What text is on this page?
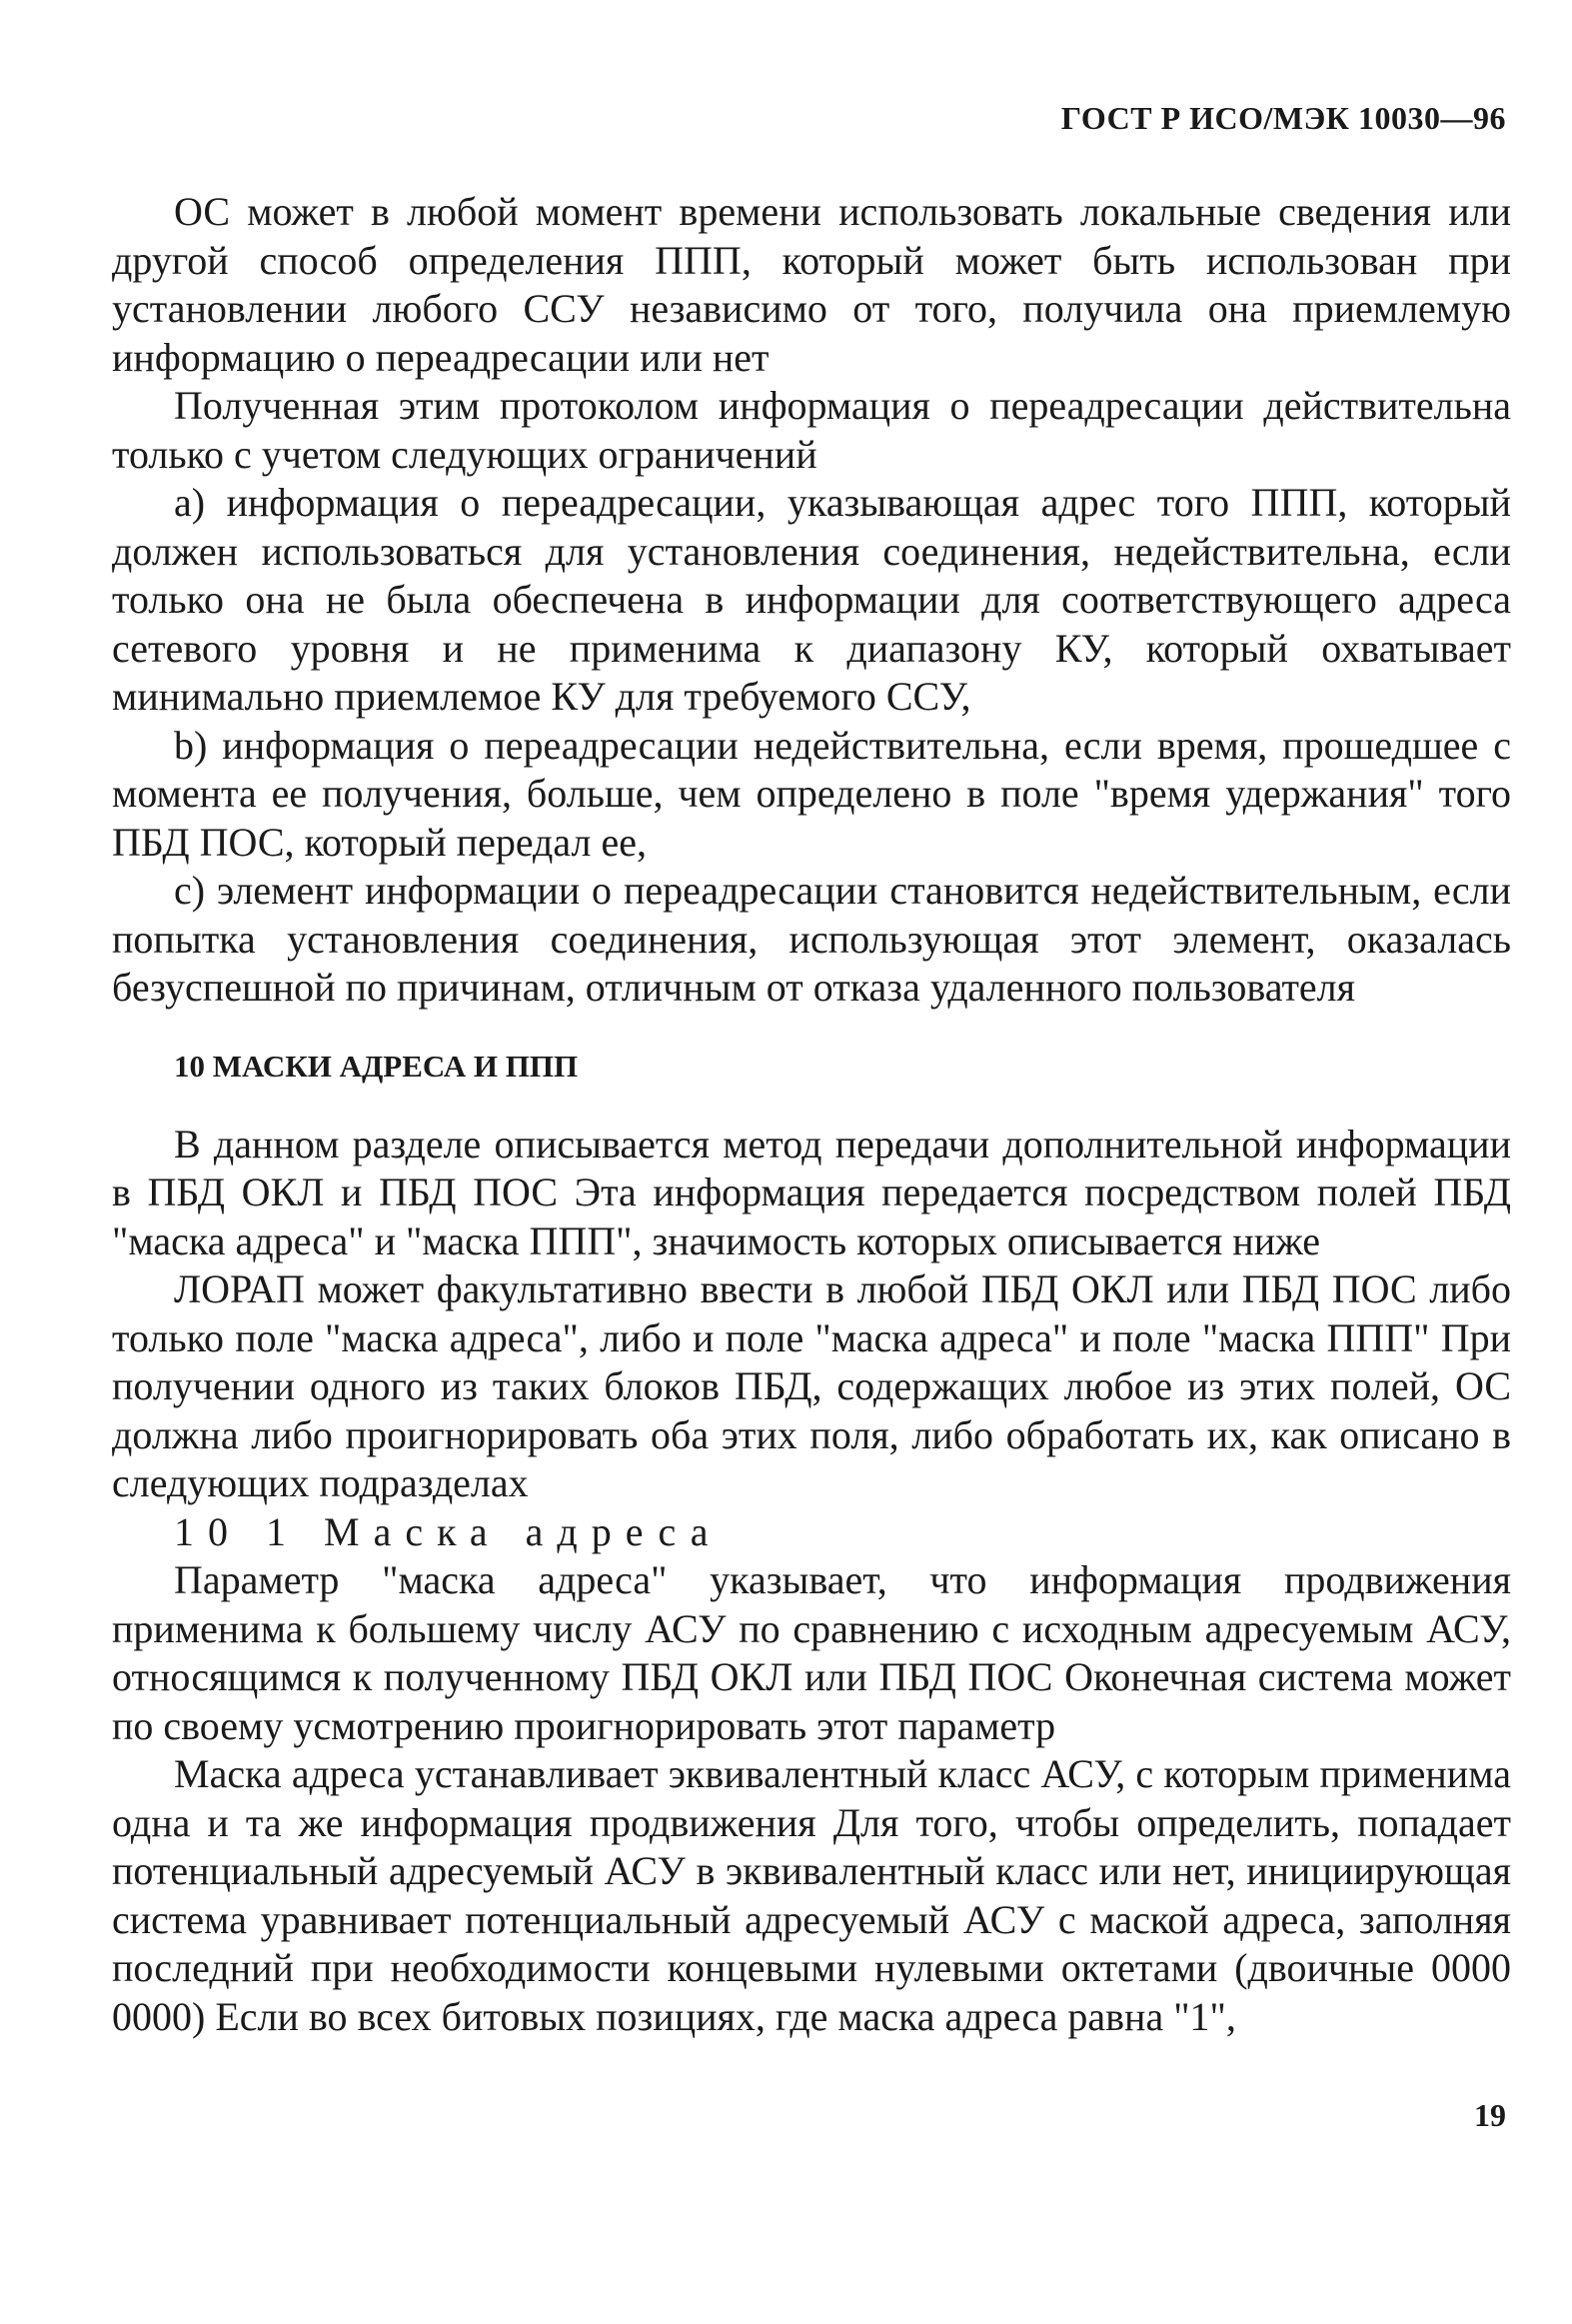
ГОСТ Р ИСО/МЭК 10030—96

ОС может в любой момент времени использовать локальные сведения или другой способ определения ППП, который может быть использован при установлении любого ССУ независимо от того, получила она приемлемую информацию о переадресации или нет

Полученная этим протоколом информация о переадресации действительна только с учетом следующих ограничений

а) информация о переадресации, указывающая адрес того ППП, который должен использоваться для установления соединения, недействительна, если только она не была обеспечена в информации для соответствующего адреса сетевого уровня и не применима к диапазону КУ, который охватывает минимально приемлемое КУ для требуемого ССУ,

b) информация о переадресации недействительна, если время, прошедшее с момента ее получения, больше, чем определено в поле "время удержания" того ПБД ПОС, который передал ее,

с) элемент информации о переадресации становится недействительным, если попытка установления соединения, использующая этот элемент, оказалась безуспешной по причинам, отличным от отказа удаленного пользователя

10 МАСКИ АДРЕСА И ППП

В данном разделе описывается метод передачи дополнительной информации в ПБД ОКЛ и ПБД ПОС Эта информация передается посредством полей ПБД "маска адреса" и "маска ППП", значимость которых описывается ниже

ЛОРАП может факультативно ввести в любой ПБД ОКЛ или ПБД ПОС либо только поле "маска адреса", либо и поле "маска адреса" и поле "маска ППП" При получении одного из таких блоков ПБД, содержащих любое из этих полей, ОС должна либо проигнорировать оба этих поля, либо обработать их, как описано в следующих подразделах

10 1 Маска адреса

Параметр "маска адреса" указывает, что информация продвижения применима к большему числу АСУ по сравнению с исходным адресуемым АСУ, относящимся к полученному ПБД ОКЛ или ПБД ПОС Оконечная система может по своему усмотрению проигнорировать этот параметр

Маска адреса устанавливает эквивалентный класс АСУ, с которым применима одна и та же информация продвижения Для того, чтобы определить, попадает потенциальный адресуемый АСУ в эквивалентный класс или нет, инициирующая система уравнивает потенциальный адресуемый АСУ с маской адреса, заполняя последний при необходимости концевыми нулевыми октетами (двоичные 0000 0000) Если во всех битовых позициях, где маска адреса равна "1",

19
